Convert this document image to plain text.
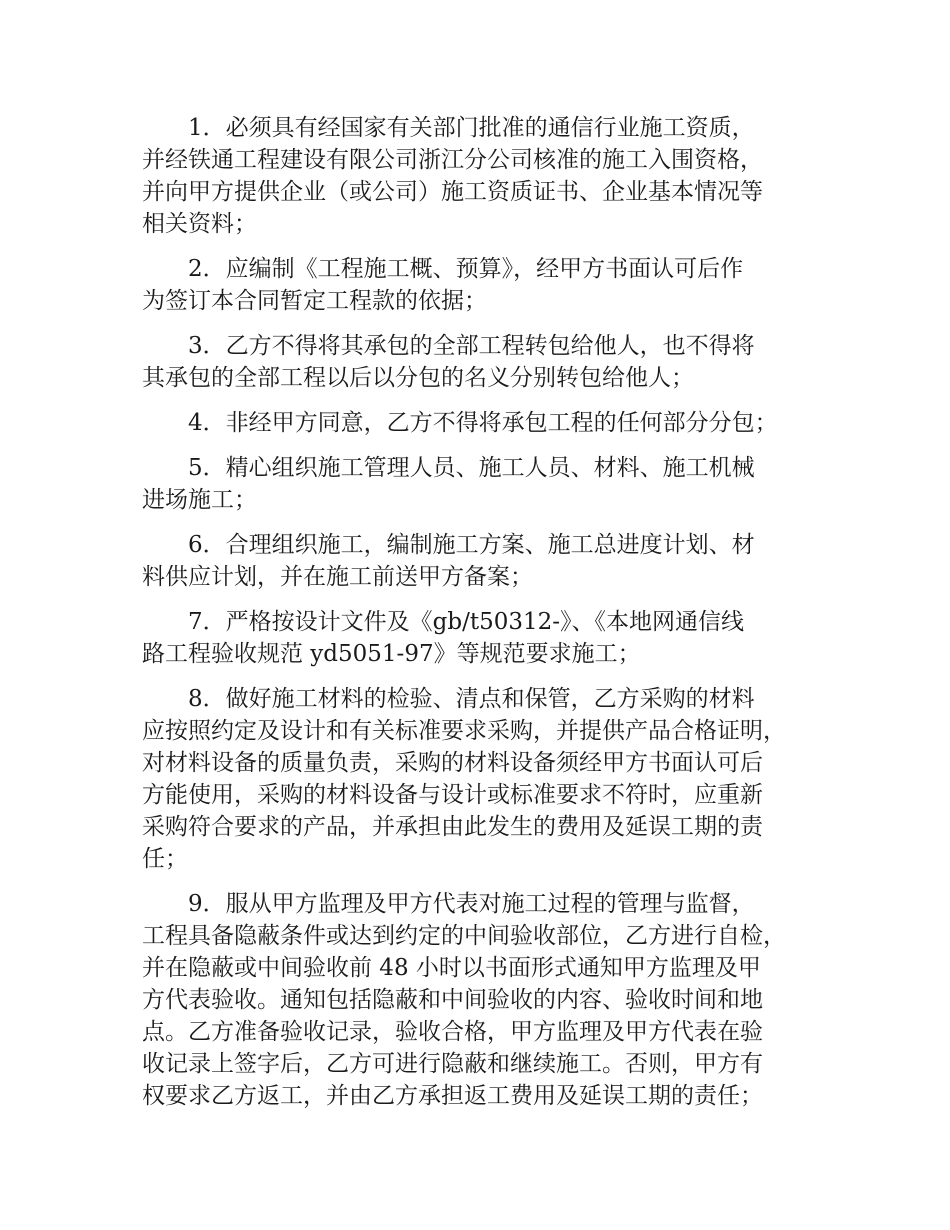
1．必须具有经国家有关部门批准的通信行业施工资质，
并经铁通工程建设有限公司浙江分公司核准的施工入围资格，
并向甲方提供企业（或公司）施工资质证书、企业基本情况等
相关资料；

2．应编制《工程施工概、预算》，经甲方书面认可后作
为签订本合同暂定工程款的依据；

3．乙方不得将其承包的全部工程转包给他人，也不得将
其承包的全部工程以后以分包的名义分别转包给他人；

4．非经甲方同意，乙方不得将承包工程的任何部分分包；

5．精心组织施工管理人员、施工人员、材料、施工机械
进场施工；

6．合理组织施工，编制施工方案、施工总进度计划、材
料供应计划，并在施工前送甲方备案；

7．严格按设计文件及《gb/t50312-》、《本地网通信线
路工程验收规范 yd5051-97》等规范要求施工；

8．做好施工材料的检验、清点和保管，乙方采购的材料
应按照约定及设计和有关标准要求采购，并提供产品合格证明，
对材料设备的质量负责，采购的材料设备须经甲方书面认可后
方能使用，采购的材料设备与设计或标准要求不符时，应重新
采购符合要求的产品，并承担由此发生的费用及延误工期的责
任；

9．服从甲方监理及甲方代表对施工过程的管理与监督，
工程具备隐蔽条件或达到约定的中间验收部位，乙方进行自检，
并在隐蔽或中间验收前 48 小时以书面形式通知甲方监理及甲
方代表验收。通知包括隐蔽和中间验收的内容、验收时间和地
点。乙方准备验收记录，验收合格，甲方监理及甲方代表在验
收记录上签字后，乙方可进行隐蔽和继续施工。否则，甲方有
权要求乙方返工，并由乙方承担返工费用及延误工期的责任；
